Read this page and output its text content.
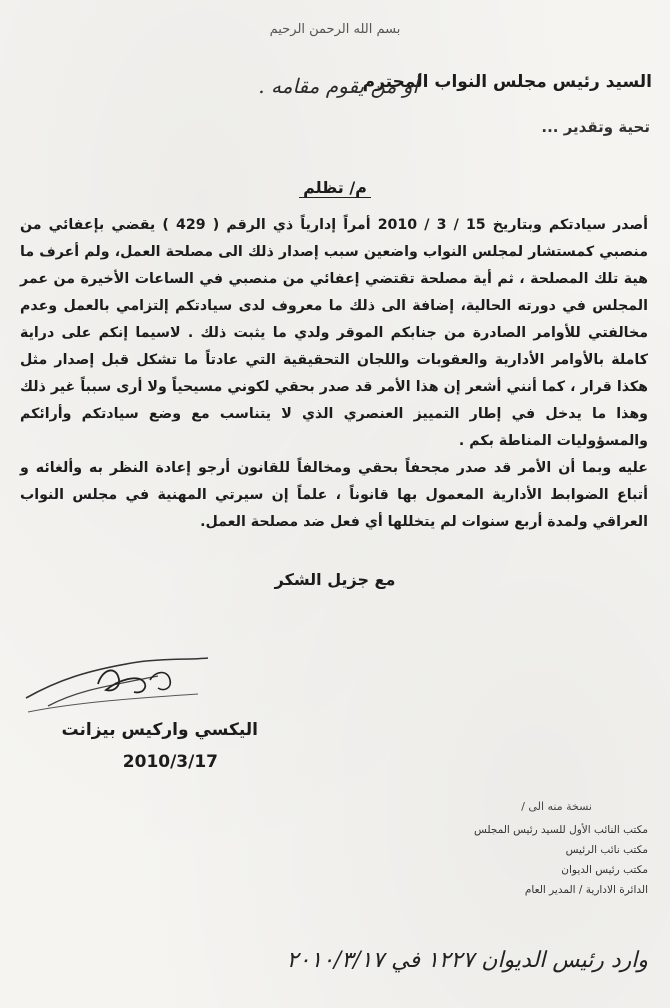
بسم الله الرحمن الرحيم
السيد رئيس مجلس النواب المحترم
أو من يقوم مقامه .
تحية وتقدير ...
م/ تظلم

أصدر سيادتكم وبتاريخ 15 / 3 / 2010 أمراً إدارياً ذي الرقم ( 429 ) يقضي بإعفائي من منصبي كمستشار لمجلس النواب واضعين سبب إصدار ذلك الى مصلحة العمل، ولم أعرف ما هية تلك المصلحة ، ثم أية مصلحة تقتضي إعفائي من منصبي في الساعات الأخيرة من عمر المجلس في دورته الحالية، إضافة الى ذلك ما معروف لدى سيادتكم إلتزامي بالعمل وعدم مخالفتي للأوامر الصادرة من جنابكم الموقر ولدي ما يثبت ذلك . لاسيما إنكم على دراية كاملة بالأوامر الأدارية والعقوبات واللجان التحقيقية التي عادتاً ما تشكل قبل إصدار مثل هكذا قرار ، كما أنني أشعر إن هذا الأمر قد صدر بحقي لكوني مسيحياً ولا أرى سبباً غير ذلك وهذا ما يدخل في إطار التمييز العنصري الذي لا يتناسب مع وضع سيادتكم وأرائكم والمسؤوليات المناطة بكم .

عليه وبما أن الأمر قد صدر مجحفاً بحقي ومخالفاً للقانون أرجو إعادة النظر به وألغائه و أتباع الضوابط الأدارية المعمول بها قانوناً ، علماً إن سيرتي المهنية في مجلس النواب العراقي ولمدة أربع سنوات لم يتخللها أي فعل ضد مصلحة العمل.

مع جزيل الشكر
اليكسي واركيس بيزانت
2010/3/17
نسخة منه الى /
مكتب النائب الأول للسيد رئيس المجلس
مكتب نائب الرئيس
مكتب رئيس الديوان
الدائرة الادارية / المدير العام
وارد رئيس الديوان ١٢٢٧ في ٢٠١٠/٣/١٧
